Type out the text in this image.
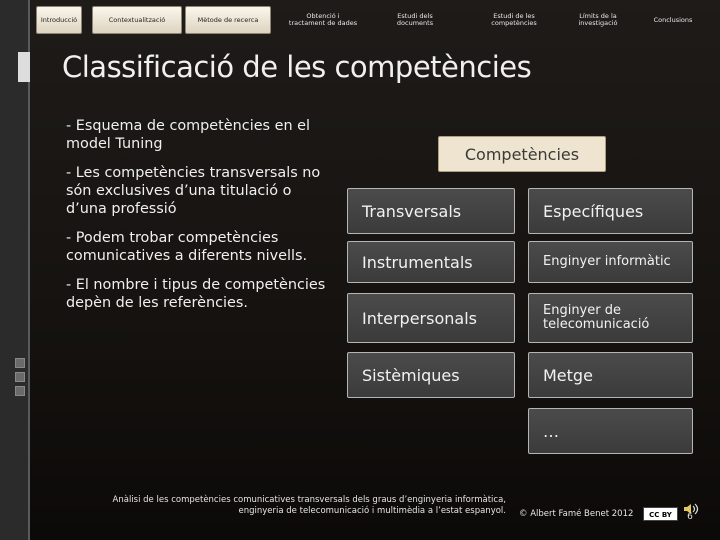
Introducció	Contextualització	Mètode de recerca	Obtenció i tractament de dades
Estudi dels documents
Estudi de les competències
Límits de la investigació	Conclusions
Classificació de les competències

- Esquema de competències en el model Tuning

- Les competències transversals no són exclusives d’una titulació o d’una professió

- Podem trobar competències comunicatives a diferents nivells.

- El nombre i tipus de competències depèn de les referències.

Competències
Transversals
Instrumentals
Interpersonals
Sistèmiques
Específiques
Enginyer informàtic
Enginyer de telecomunicació
Metge
…
Anàlisi de les competències comunicatives transversals dels graus d’enginyeria informàtica, enginyeria de telecomunicació i multimèdia a l’estat espanyol. © Albert Famé Benet 2012	CC BY	6
